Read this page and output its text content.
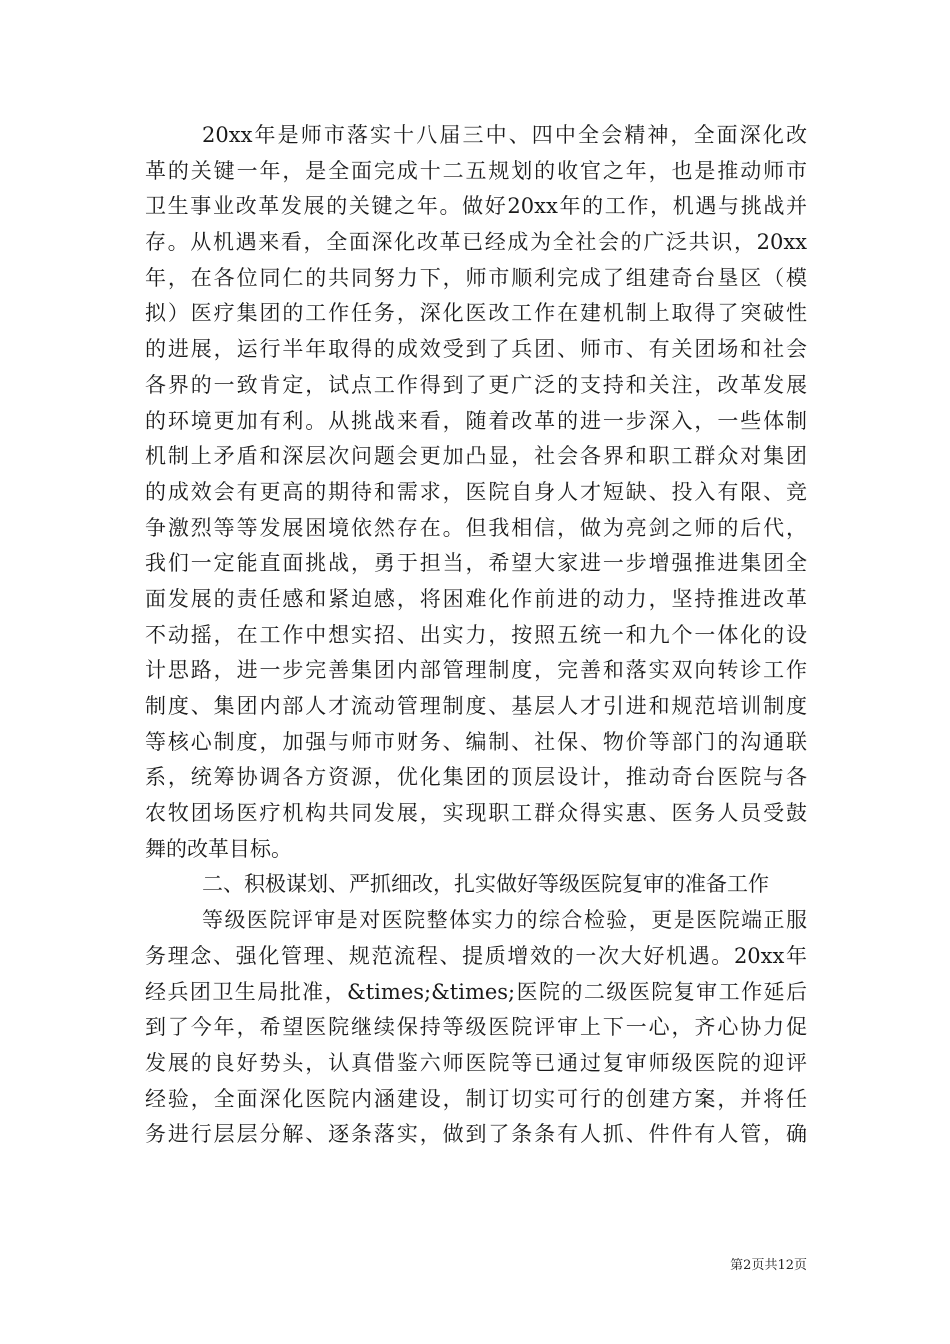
20xx年是师市落实十八届三中、四中全会精神，全面深化改
革的关键一年，是全面完成十二五规划的收官之年，也是推动师市
卫生事业改革发展的关键之年。做好20xx年的工作，机遇与挑战并
存。从机遇来看，全面深化改革已经成为全社会的广泛共识，20xx
年，在各位同仁的共同努力下，师市顺利完成了组建奇台垦区（模
拟）医疗集团的工作任务，深化医改工作在建机制上取得了突破性
的进展，运行半年取得的成效受到了兵团、师市、有关团场和社会
各界的一致肯定，试点工作得到了更广泛的支持和关注，改革发展
的环境更加有利。从挑战来看，随着改革的进一步深入，一些体制
机制上矛盾和深层次问题会更加凸显，社会各界和职工群众对集团
的成效会有更高的期待和需求，医院自身人才短缺、投入有限、竞
争激烈等等发展困境依然存在。但我相信，做为亮剑之师的后代，
我们一定能直面挑战，勇于担当，希望大家进一步增强推进集团全
面发展的责任感和紧迫感，将困难化作前进的动力，坚持推进改革
不动摇，在工作中想实招、出实力，按照五统一和九个一体化的设
计思路，进一步完善集团内部管理制度，完善和落实双向转诊工作
制度、集团内部人才流动管理制度、基层人才引进和规范培训制度
等核心制度，加强与师市财务、编制、社保、物价等部门的沟通联
系，统筹协调各方资源，优化集团的顶层设计，推动奇台医院与各
农牧团场医疗机构共同发展，实现职工群众得实惠、医务人员受鼓
舞的改革目标。
二、积极谋划、严抓细改，扎实做好等级医院复审的准备工作
等级医院评审是对医院整体实力的综合检验，更是医院端正服
务理念、强化管理、规范流程、提质增效的一次大好机遇。20xx年
经兵团卫生局批准，&times;&times;医院的二级医院复审工作延后
到了今年，希望医院继续保持等级医院评审上下一心，齐心协力促
发展的良好势头，认真借鉴六师医院等已通过复审师级医院的迎评
经验，全面深化医院内涵建设，制订切实可行的创建方案，并将任
务进行层层分解、逐条落实，做到了条条有人抓、件件有人管，确
第2页共12页
